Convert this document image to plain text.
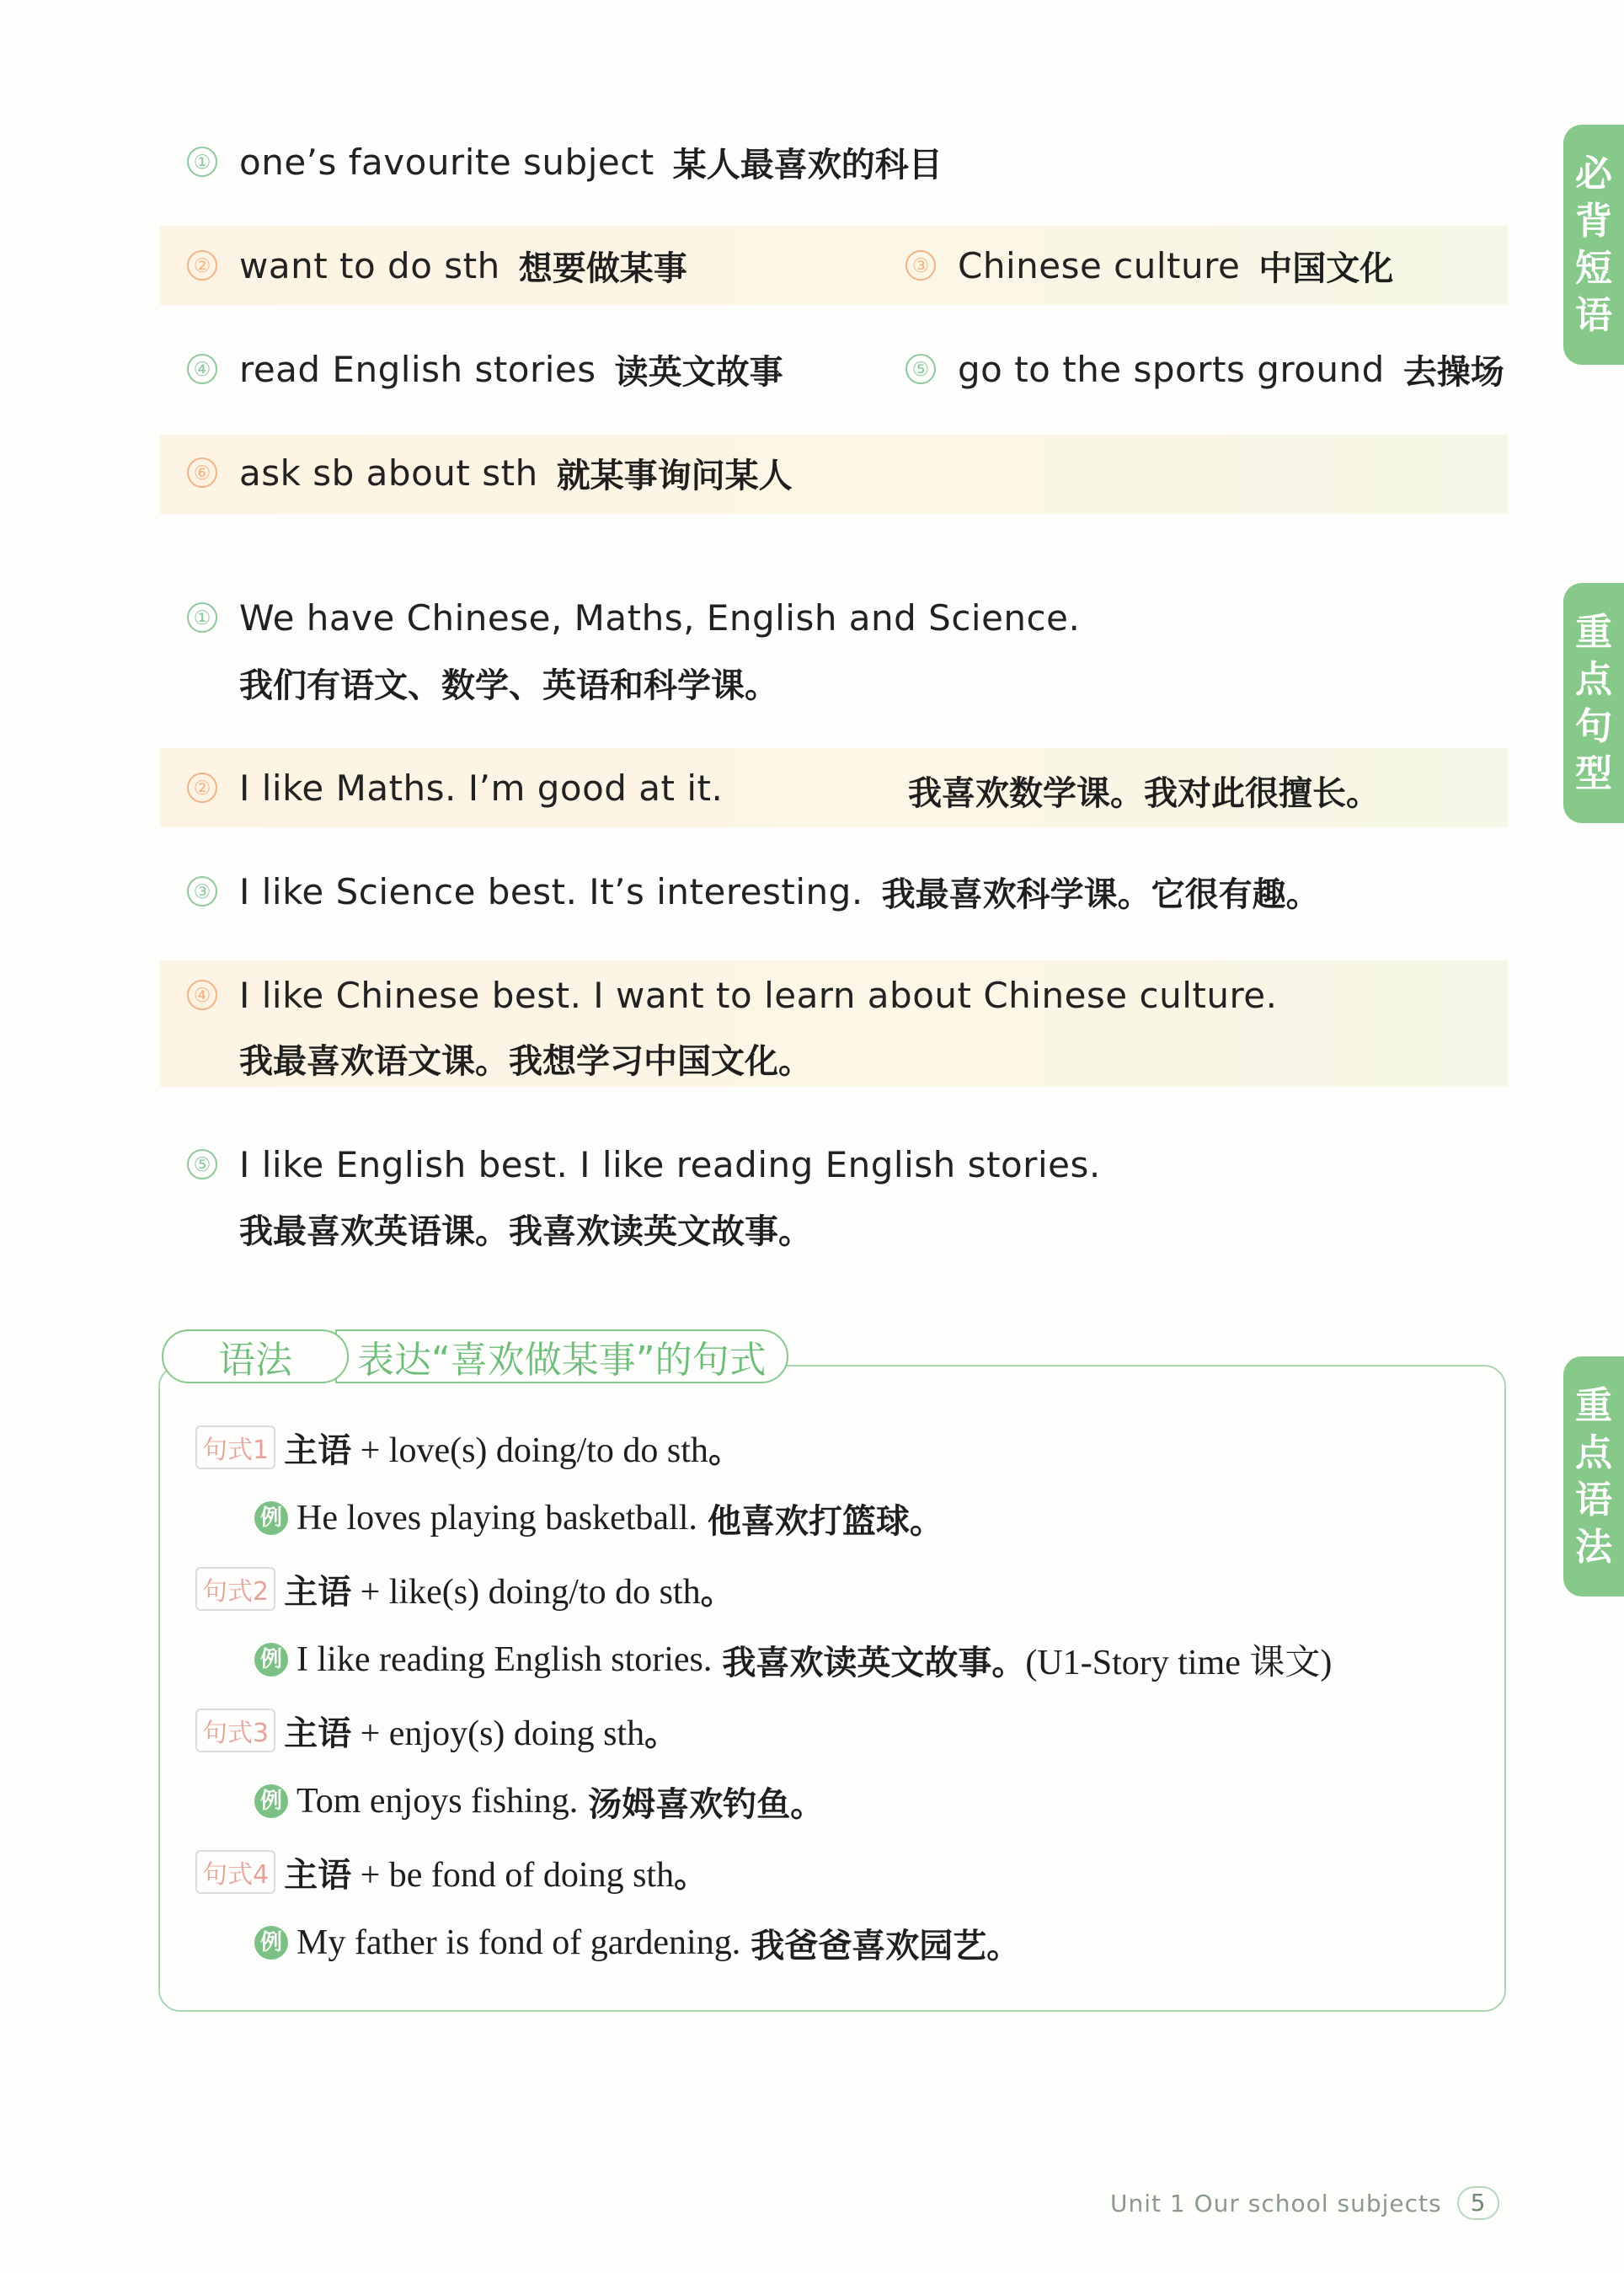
必
背
短
语
重
点
句
型
重
点
语
法
① one’s favourite subject 某人最喜欢的科目
② want to do sth 想要做某事	③ Chinese culture 中国文化
④ read English stories 读英文故事	⑤ go to the sports ground 去操场
⑥ ask sb about sth 就某事询问某人
① We have Chinese, Maths, English and Science.
我们有语文、数学、英语和科学课。
② I like Maths. I’m good at it.	我喜欢数学课。我对此很擅长。
③ I like Science best. It’s interesting. 我最喜欢科学课。它很有趣。
④ I like Chinese best. I want to learn about Chinese culture.
我最喜欢语文课。我想学习中国文化。
⑤ I like English best. I like reading English stories.
我最喜欢英语课。我喜欢读英文故事。
表达“喜欢做某事”的句式
语法
句式1 主语 + love(s) doing/to do sth。
例 He loves playing basketball. 他喜欢打篮球。
句式2 主语 + like(s) doing/to do sth。
例 I like reading English stories. 我喜欢读英文故事。 (U1-Story time 课文)
句式3 主语 + enjoy(s) doing sth。
例 Tom enjoys fishing. 汤姆喜欢钓鱼。
句式4 主语 + be fond of doing sth。
例 My father is fond of gardening. 我爸爸喜欢园艺。
Unit 1 Our school subjects	5
